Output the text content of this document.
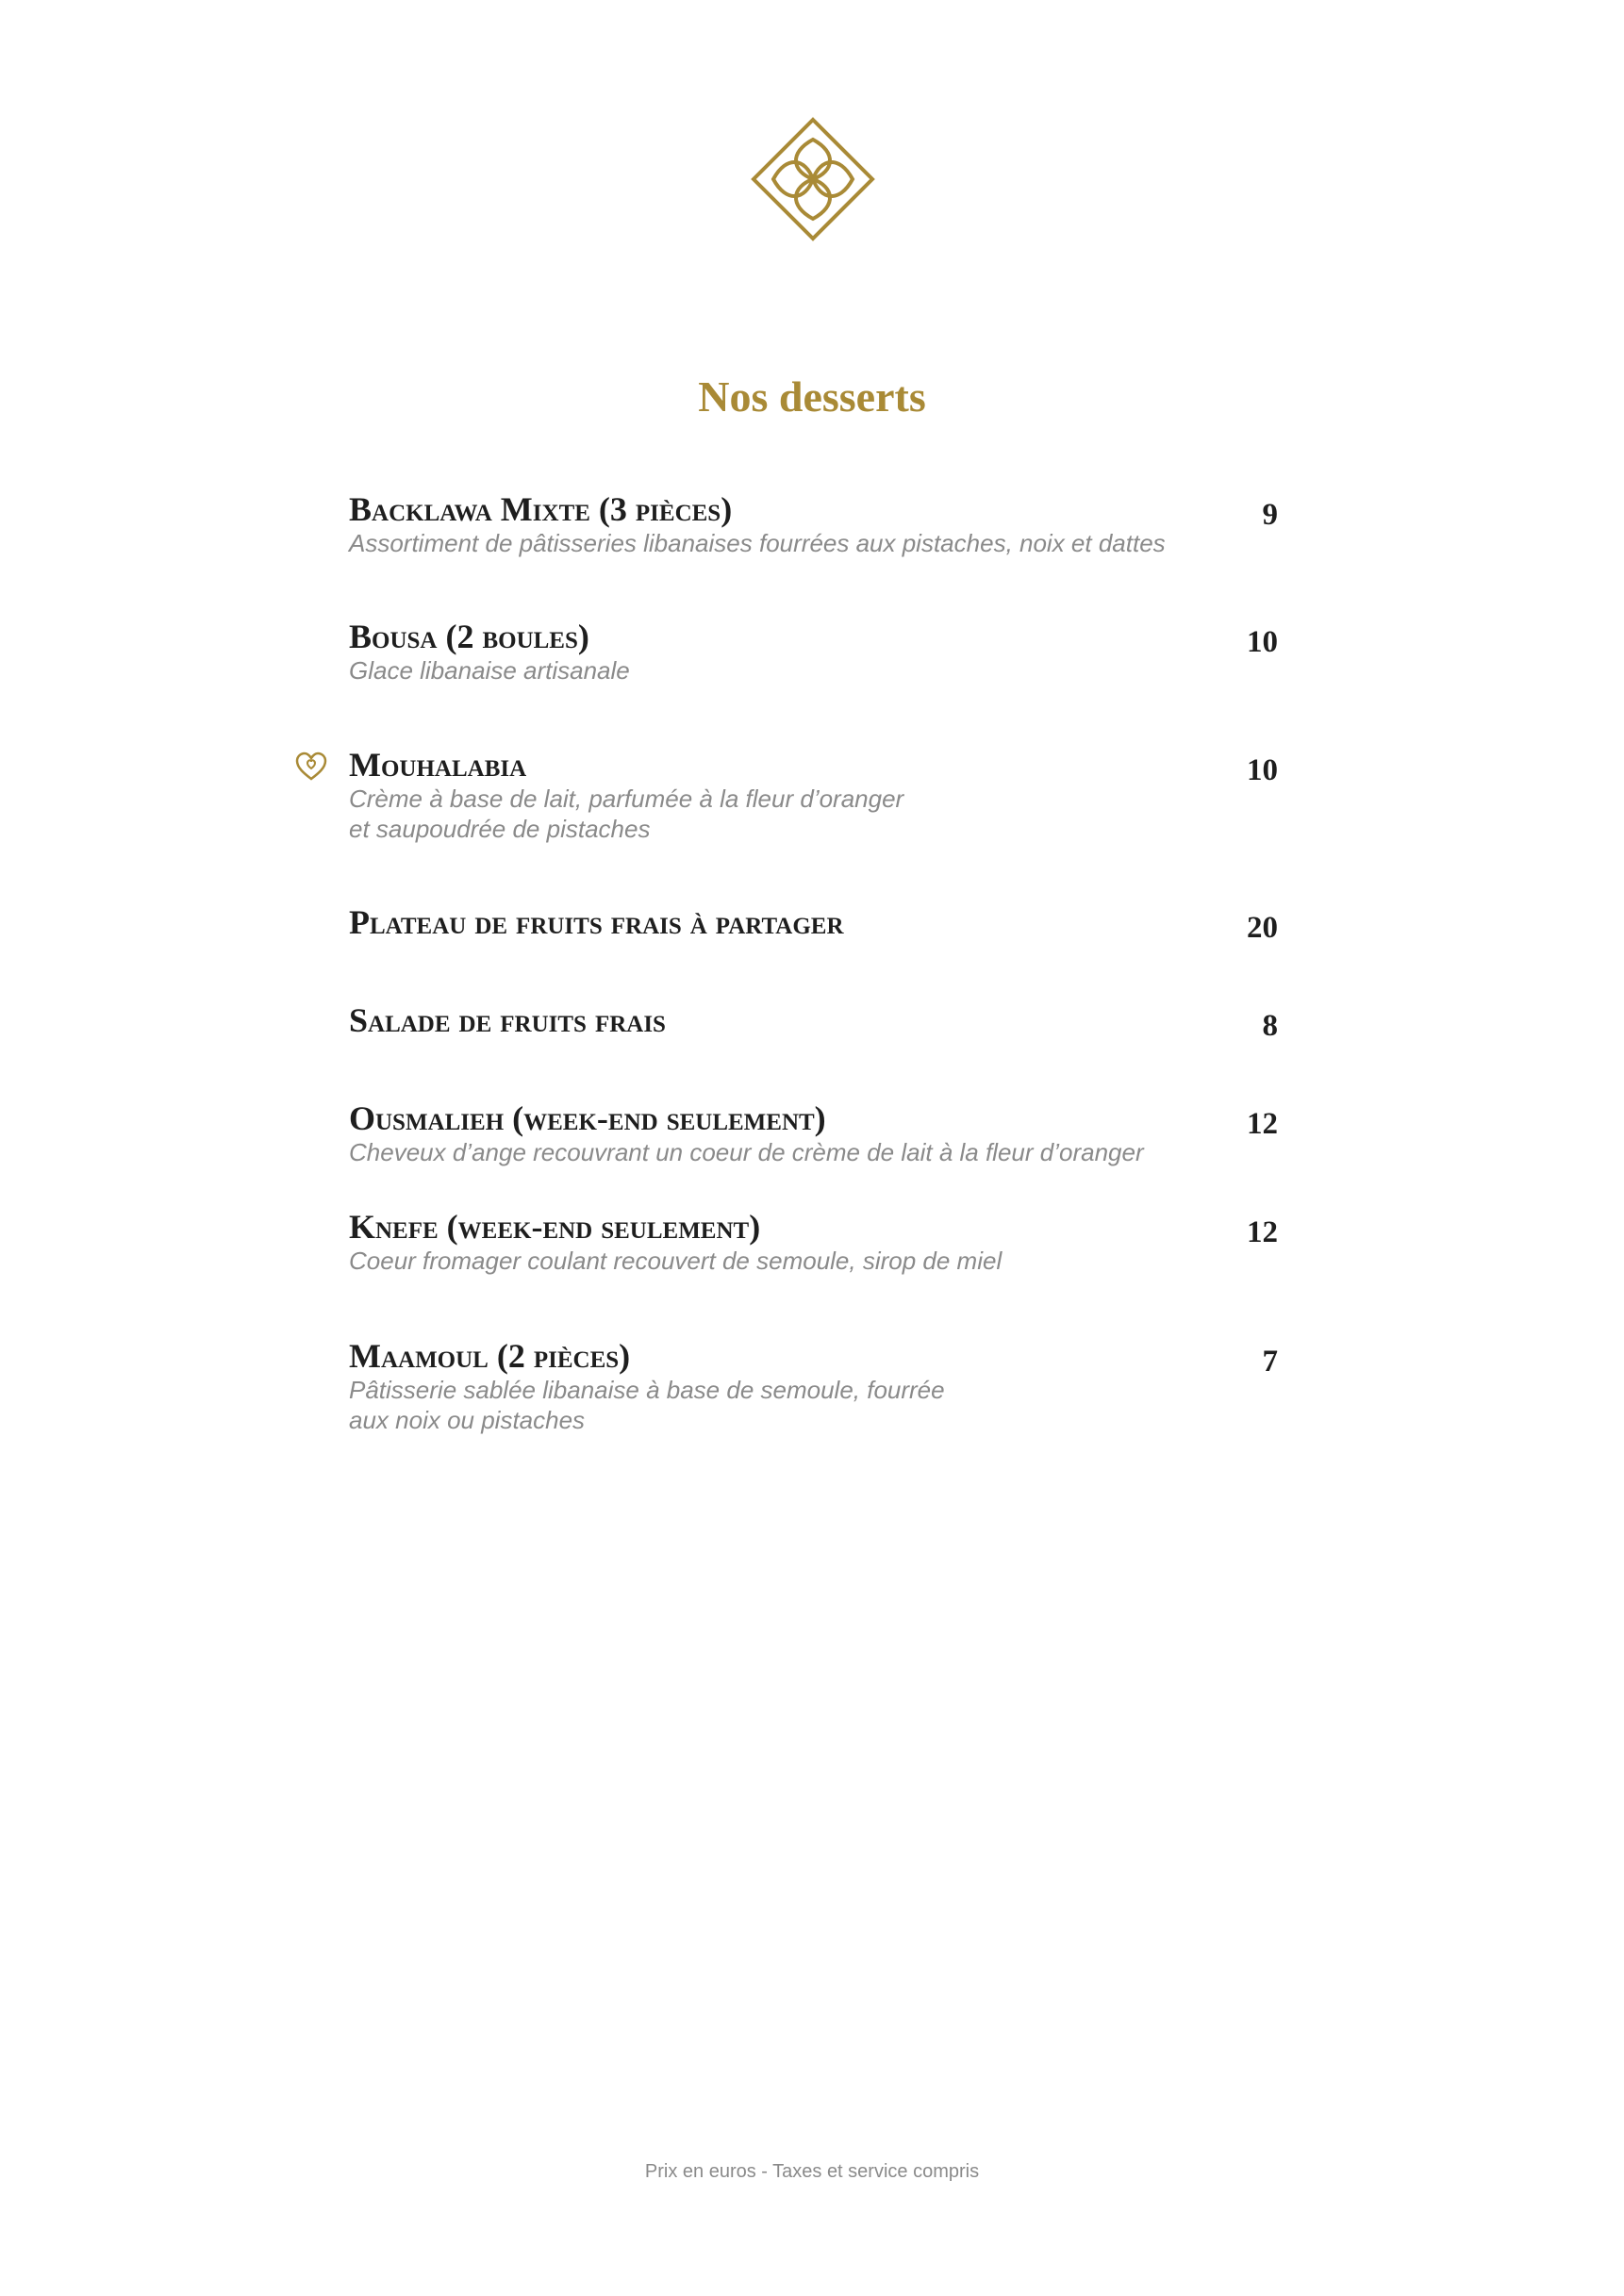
Nos desserts
Backlawa Mixte (3 pièces)	9
Assortiment de pâtisseries libanaises fourrées aux pistaches, noix et dattes
Bousa (2 boules)	10
Glace libanaise artisanale
Mouhalabia	10
Crème à base de lait, parfumée à la fleur d’oranger
et saupoudrée de pistaches
Plateau de fruits frais à partager	20
Salade de fruits frais	8
Ousmalieh (week-end seulement)	12
Cheveux d’ange recouvrant un coeur de crème de lait à la fleur d’oranger
Knefe (week-end seulement)	12
Coeur fromager coulant recouvert de semoule, sirop de miel
Maamoul (2 pièces)	7
Pâtisserie sablée libanaise à base de semoule, fourrée
aux noix ou pistaches
Prix en euros - Taxes et service compris
